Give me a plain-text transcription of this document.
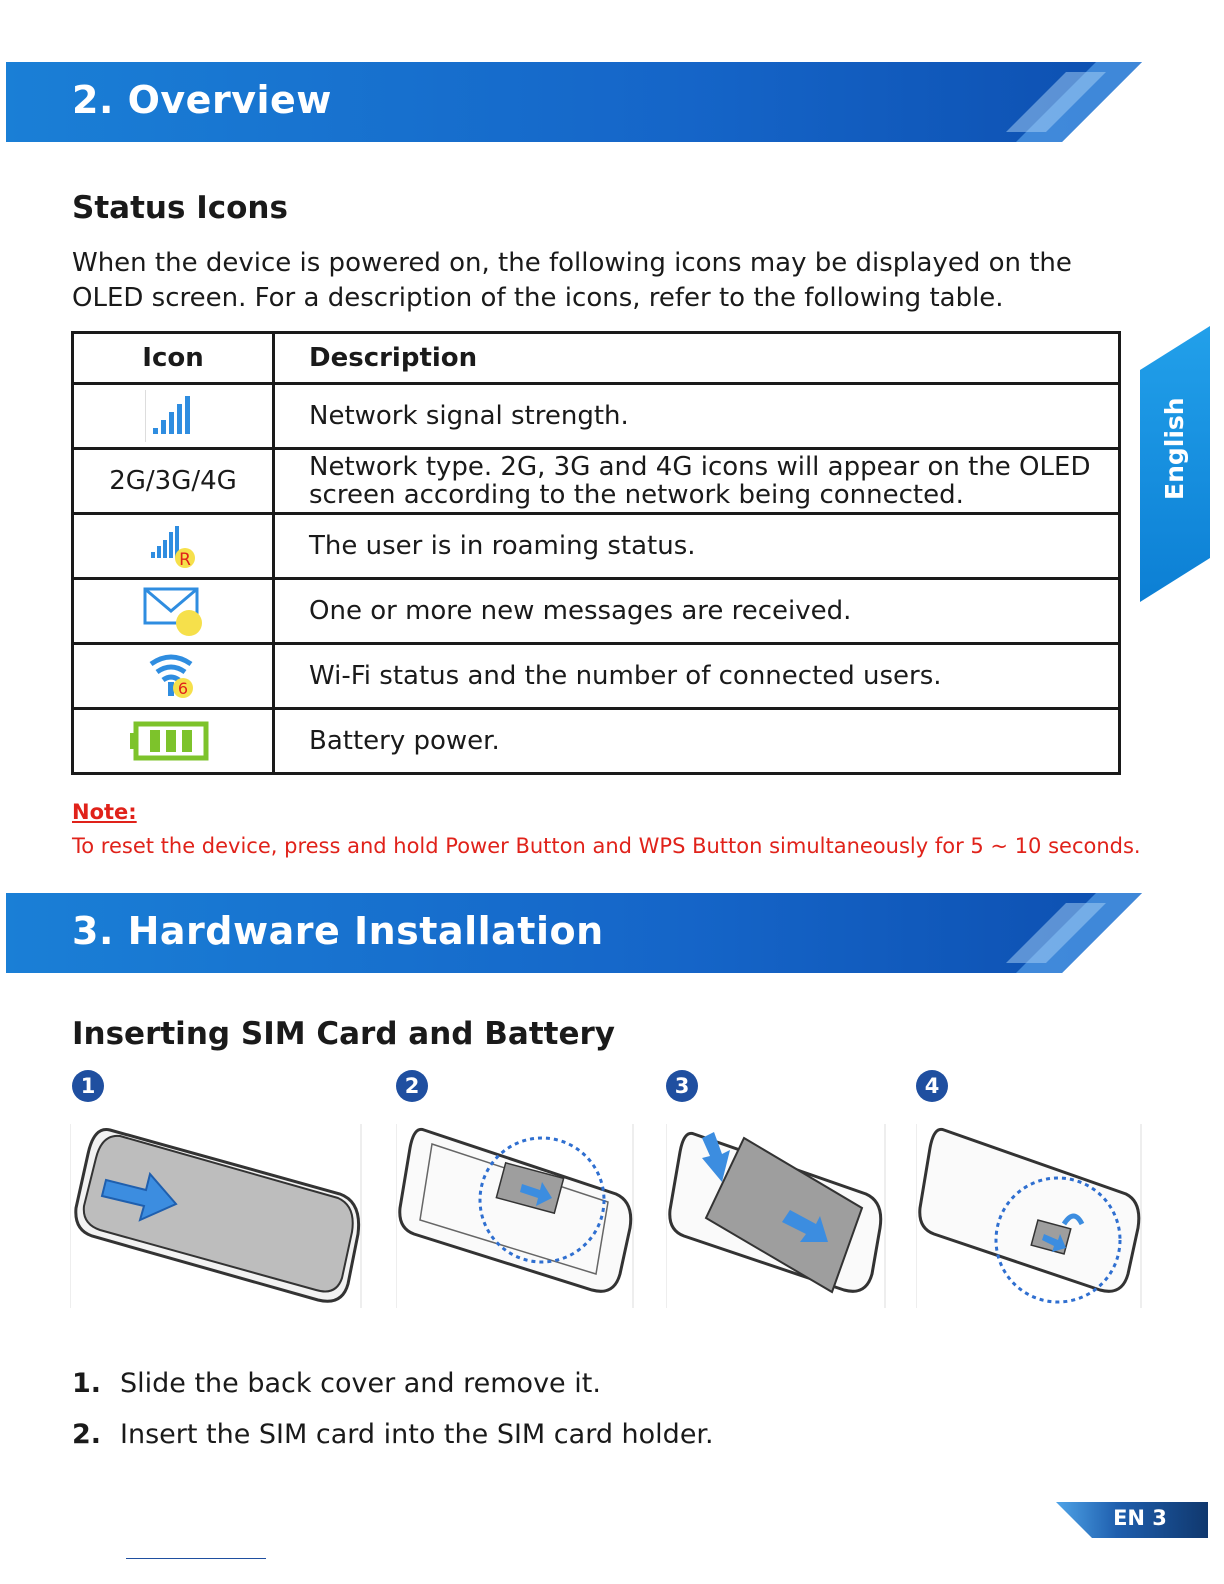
2. Overview
Status Icons
When the device is powered on, the following icons may be displayed on the OLED screen. For a description of the icons, refer to the following table.
Icon	Description
	Network signal strength.
2G/3G/4G	Network type. 2G, 3G and 4G icons will appear on the OLED screen according to the network being connected.

R	The user is in roaming status.
	One or more new messages are received.

6	Wi-Fi status and the number of connected users.
	Battery power.
Note:
To reset the device, press and hold Power Button and WPS Button simultaneously for 5 ~ 10 seconds.
3. Hardware Installation
Inserting SIM Card and Battery
1	2	3	4
1. Slide the back cover and remove it.
2. Insert the SIM card into the SIM card holder.
English
EN 3
